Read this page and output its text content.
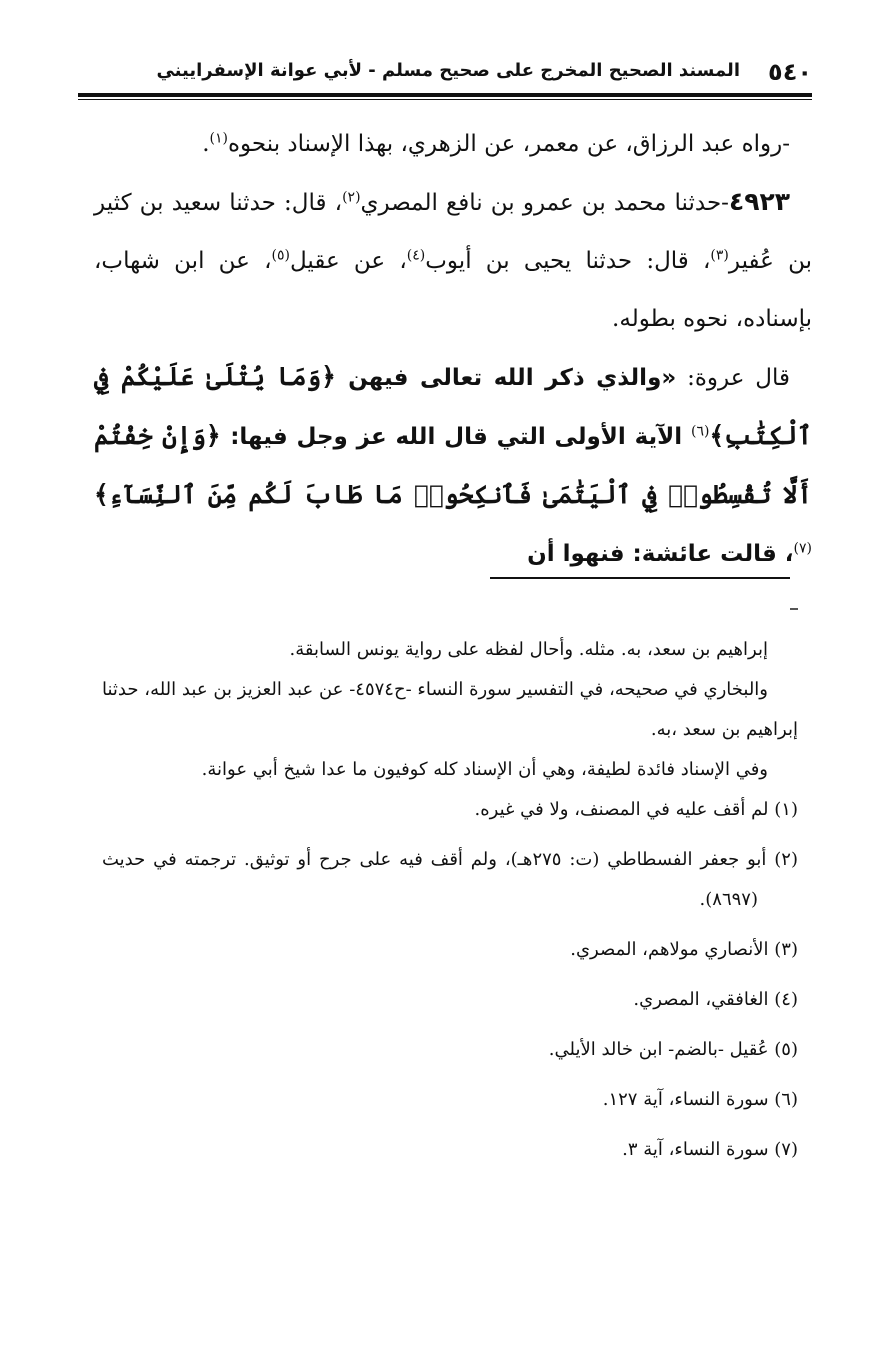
٥٤٠
المسند الصحيح المخرج على صحيح مسلم - لأبي عوانة الإسفراييني

-رواه عبد الرزاق، عن معمر، عن الزهري، بهذا الإسناد بنحوه$^{(١)}$.

٤٩٢٣-حدثنا محمد بن عمرو بن نافع المصري$^{(٢)}$، قال: حدثنا سعيد بن كثير بن عُفير$^{(٣)}$، قال: حدثنا يحيى بن أيوب$^{(٤)}$، عن عقيل$^{(٥)}$، عن ابن شهاب، بإسناده، نحوه بطوله.

قال عروة: «والذي ذكر الله تعالى فيهن ﴿وَمَا يُتْلَىٰ عَلَيْكُمْ فِي ٱلْكِتَٰبِ﴾$^{(٦)}$ الآية الأولى التي قال الله عز وجل فيها: ﴿وَإِنْ خِفْتُمْ أَلَّا تُقْسِطُوا۟ فِي ٱلْيَتَٰمَىٰ فَٱنكِحُوا۟ مَا طَابَ لَكُم مِّنَ ٱلنِّسَآءِ﴾$^{(٧)}$، قالت عائشة: فنهوا أن

إبراهيم بن سعد، به. مثله. وأحال لفظه على رواية يونس السابقة.

والبخاري في صحيحه، في التفسير سورة النساء -ح٤٥٧٤- عن عبد العزيز بن عبد الله، حدثنا إبراهيم بن سعد ،به.

وفي الإسناد فائدة لطيفة، وهي أن الإسناد كله كوفيون ما عدا شيخ أبي عوانة.

(١) لم أقف عليه في المصنف، ولا في غيره.

(٢) أبو جعفر الفسطاطي (ت: ٢٧٥هـ)، ولم أقف فيه على جرح أو توثيق. ترجمته في حديث (٨٦٩٧).

(٣) الأنصاري مولاهم، المصري.

(٤) الغافقي، المصري.

(٥) عُقيل -بالضم- ابن خالد الأيلي.

(٦) سورة النساء، آية ١٢٧.

(٧) سورة النساء، آية ٣.
